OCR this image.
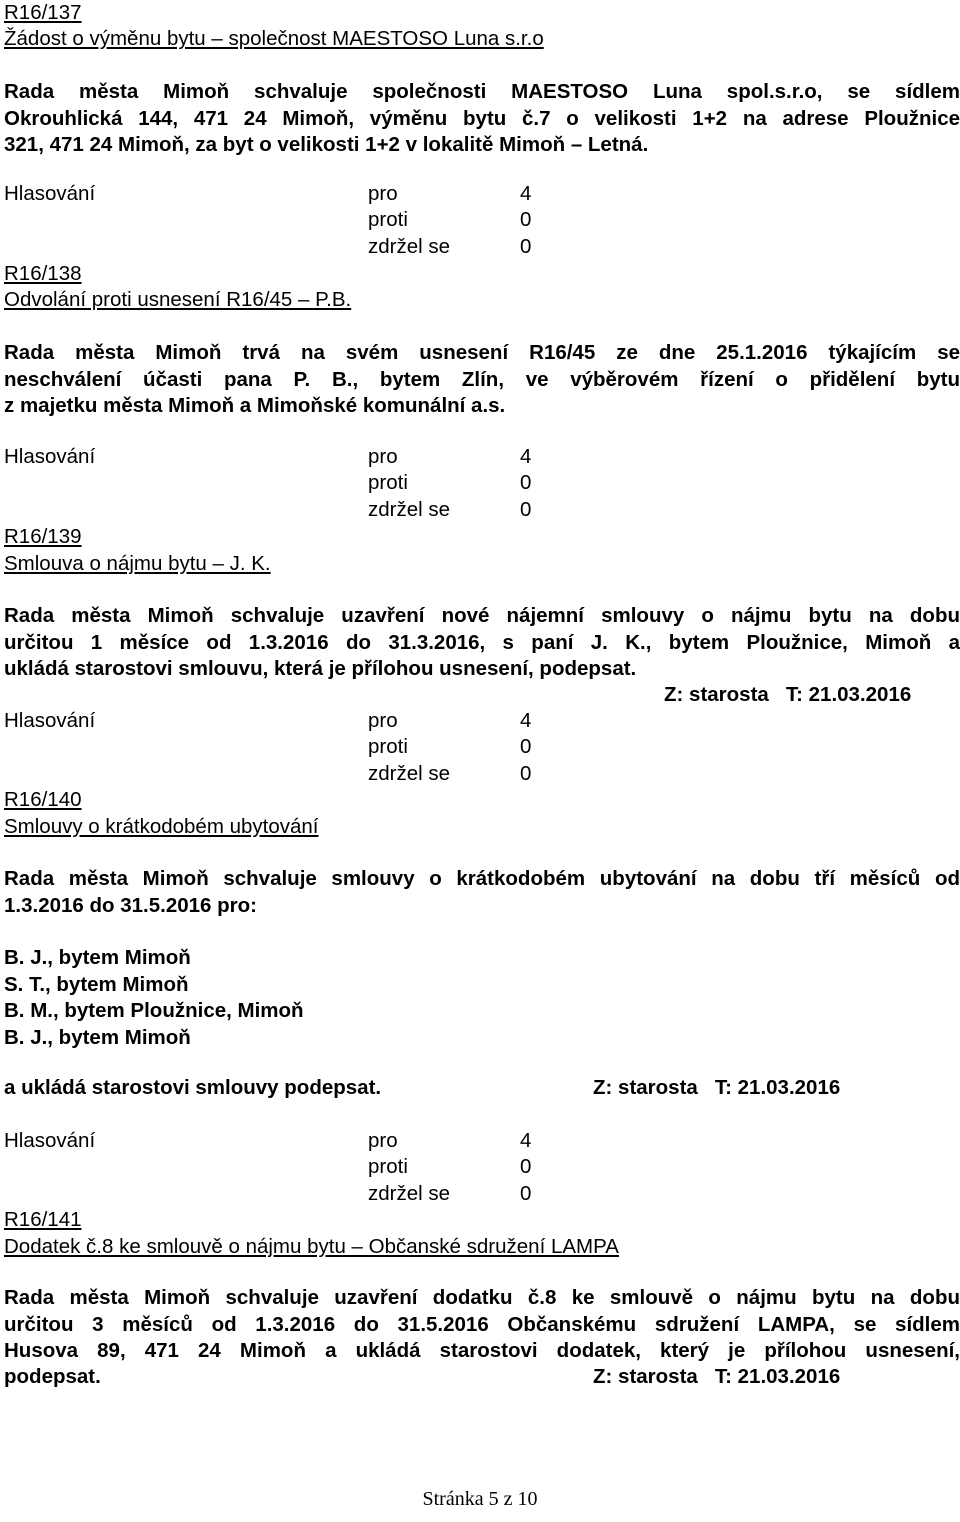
R16/137
Žádost o výměnu bytu – společnost MAESTOSO Luna s.r.o
Rada města Mimoň schvaluje společnosti MAESTOSO Luna spol.s.r.o, se sídlem
Okrouhlická 144, 471 24 Mimoň, výměnu bytu č.7 o velikosti 1+2 na adrese Ploužnice
321, 471 24 Mimoň, za byt o velikosti 1+2 v lokalitě Mimoň – Letná.
Hlasování	pro	4
proti	0
zdržel se	0
R16/138
Odvolání proti usnesení R16/45 – P.B.
Rada města Mimoň trvá na svém usnesení R16/45 ze dne 25.1.2016 týkajícím se
neschválení účasti pana P. B., bytem Zlín, ve výběrovém řízení o přidělení bytu
z majetku města Mimoň a Mimoňské komunální a.s.
Hlasování	pro	4
proti	0
zdržel se	0
R16/139
Smlouva o nájmu bytu – J. K.
Rada města Mimoň schvaluje uzavření nové nájemní smlouvy o nájmu bytu na dobu
určitou 1 měsíce od 1.3.2016 do 31.3.2016, s paní J. K., bytem Ploužnice, Mimoň a
ukládá starostovi smlouvu, která je přílohou usnesení, podepsat.
Z: starosta   T: 21.03.2016
Hlasování	pro	4
proti	0
zdržel se	0
R16/140
Smlouvy o krátkodobém ubytování
Rada města Mimoň schvaluje smlouvy o krátkodobém ubytování na dobu tří měsíců od
1.3.2016 do 31.5.2016 pro:
B. J., bytem Mimoň
S. T., bytem Mimoň
B. M., bytem Ploužnice, Mimoň
B. J., bytem Mimoň
a ukládá starostovi smlouvy podepsat.	Z: starosta   T: 21.03.2016
Hlasování	pro	4
proti	0
zdržel se	0
R16/141
Dodatek č.8 ke smlouvě o nájmu bytu – Občanské sdružení LAMPA
Rada města Mimoň schvaluje uzavření dodatku č.8 ke smlouvě o nájmu bytu na dobu
určitou 3 měsíců od 1.3.2016 do 31.5.2016 Občanskému sdružení LAMPA, se sídlem
Husova 89, 471 24 Mimoň a ukládá starostovi dodatek, který je přílohou usnesení,
podepsat.	Z: starosta   T: 21.03.2016
Stránka 5 z 10
